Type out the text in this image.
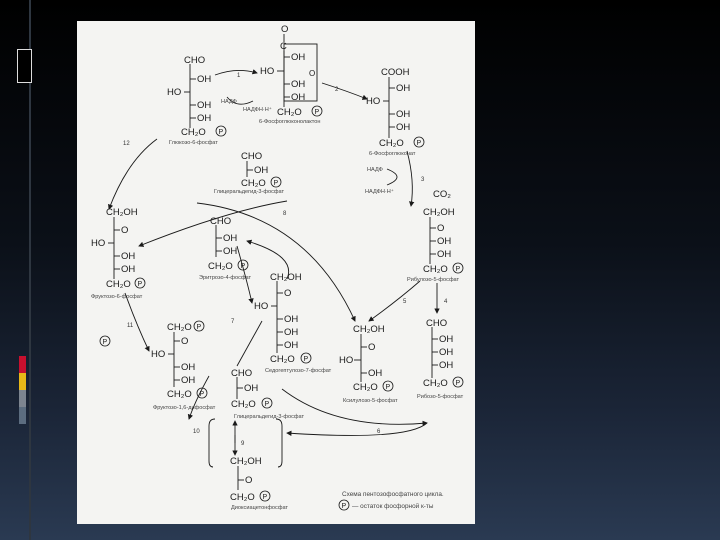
P
CHO
OH
HO
OH
OH
CH₂O
Глюкозо-6-фосфат
O
C
O
OH
HO
OH
OH
CH₂O
6-Фосфоглюконолактон
COOH
OH
HO
OH
OH
CH₂O
6-Фосфоглюконат
CH₂OH
O
OH
OH
CH₂O
Рибулозо-5-фосфат
CHO
OH
OH
OH
CH₂O
Рибозо-5-фосфат
CH₂OH
O
HO
OH
CH₂O
Ксилулозо-5-фосфат
CHO
OH
CH₂O
Глицеральдегид-3-фосфат
CH₂OH
O
HO
OH
OH
CH₂O
Фруктозо-6-фосфат
CHO
OH
OH
CH₂O
Эритрозо-4-фосфат CH₂OH
O
HO
OH
OH
OH
CH₂O
Седогептулозо-7-фосфат
CH₂O
O
HO
OH
OH
CH₂O
Фруктозо-1,6-дифосфат
CHO
OH
CH₂O
Глицеральдегид-3-фосфат
CH₂OH
O
CH₂O
Диоксиацетонфосфат
НАДФ
НАДФН·Н⁺
НАДФ
НАДФН·Н⁺	CO₂
1
2
3
4
5
6
7
8
9
10
11
12
Схема пентозофосфатного цикла.
— остаток фосфорной к-ты
